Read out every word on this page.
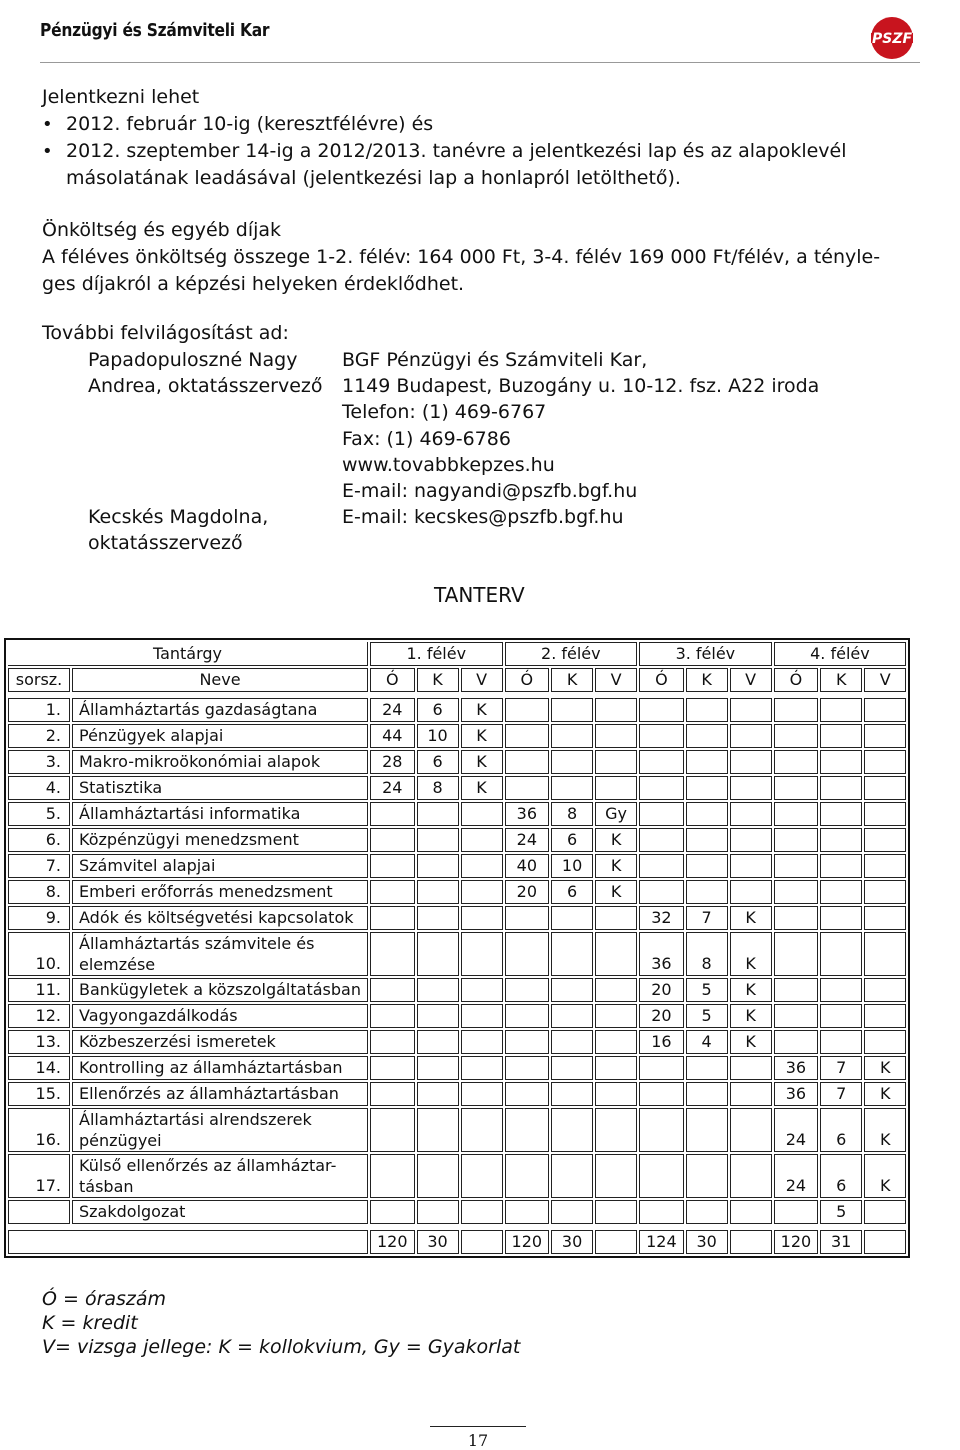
Pénzügyi és Számviteli Kar	PSZF
Jelentkezni lehet
• 2012. február 10-ig (keresztfélévre) és
• 2012. szeptember 14-ig a 2012/2013. tanévre a jelentkezési lap és az alapoklevél
másolatának leadásával (jelentkezési lap a honlapról letölthető).
Önköltség és egyéb díjak
A féléves önköltség összege 1-2. félév: 164 000 Ft, 3-4. félév 169 000 Ft/félév, a tényle-
ges díjakról a képzési helyeken érdeklődhet.
További felvilágosítást ad:
Papadopuloszné Nagy
Andrea, oktatásszervező
Kecskés Magdolna,
oktatásszervező
BGF Pénzügyi és Számviteli Kar,
1149 Budapest, Buzogány u. 10-12. fsz. A22 iroda
Telefon: (1) 469-6767
Fax: (1) 469-6786
www.tovabbkepzes.hu
E-mail: nagyandi@pszfb.bgf.hu
E-mail: kecskes@pszfb.bgf.hu
TANTERV
Tantárgy		1. félév			2. félév			3. félév			4. félév		
sorsz.	Neve	Ó	K	V	Ó	K	V	Ó	K	V	Ó	K	V

1.	Államháztartás gazdaságtana	24	6	K									
2.	Pénzügyek alapjai	44	10	K									
3.	Makro-mikroökonómiai alapok	28	6	K									
4.	Statisztika	24	8	K									
5.	Államháztartási informatika				36	8	Gy						
6.	Közpénzügyi menedzsment				24	6	K						
7.	Számvitel alapjai				40	10	K						
8.	Emberi erőforrás menedzsment				20	6	K						
9.	Adók és költségvetési kapcsolatok							32	7	K			
10.	Államháztartás számvitele és elemzése							36	8	K			
11.	Bankügyletek a közszolgáltatásban							20	5	K			
12.	Vagyongazdálkodás							20	5	K			
13.	Közbeszerzési ismeretek							16	4	K			
14.	Kontrolling az államháztartásban										36	7	K
15.	Ellenőrzés az államháztartásban										36	7	K
16.	Államháztartási alrendszerek pénzügyei										24	6	K
17.	Külső ellenőrzés az államháztar-tásban										24	6	K
	Szakdolgozat											5	

		120	30		120	30		124	30		120	31	
Ó = óraszám
K = kredit
V= vizsga jellege: K = kollokvium, Gy = Gyakorlat
17
